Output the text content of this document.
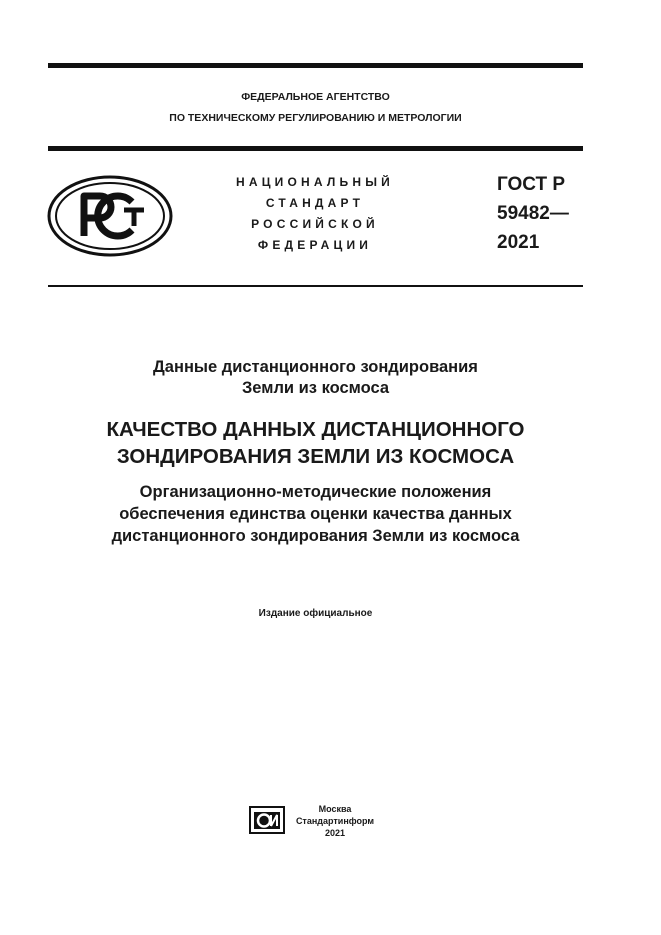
ФЕДЕРАЛЬНОЕ АГЕНТСТВО
ПО ТЕХНИЧЕСКОМУ РЕГУЛИРОВАНИЮ И МЕТРОЛОГИИ
НАЦИОНАЛЬНЫЙ
СТАНДАРТ
РОССИЙСКОЙ
ФЕДЕРАЦИИ
ГОСТ Р
59482—
2021
Данные дистанционного зондирования
Земли из космоса
КАЧЕСТВО ДАННЫХ ДИСТАНЦИОННОГО
ЗОНДИРОВАНИЯ ЗЕМЛИ ИЗ КОСМОСА
Организационно-методические положения
обеспечения единства оценки качества данных
дистанционного зондирования Земли из космоса
Издание официальное
Москва
Стандартинформ
2021
